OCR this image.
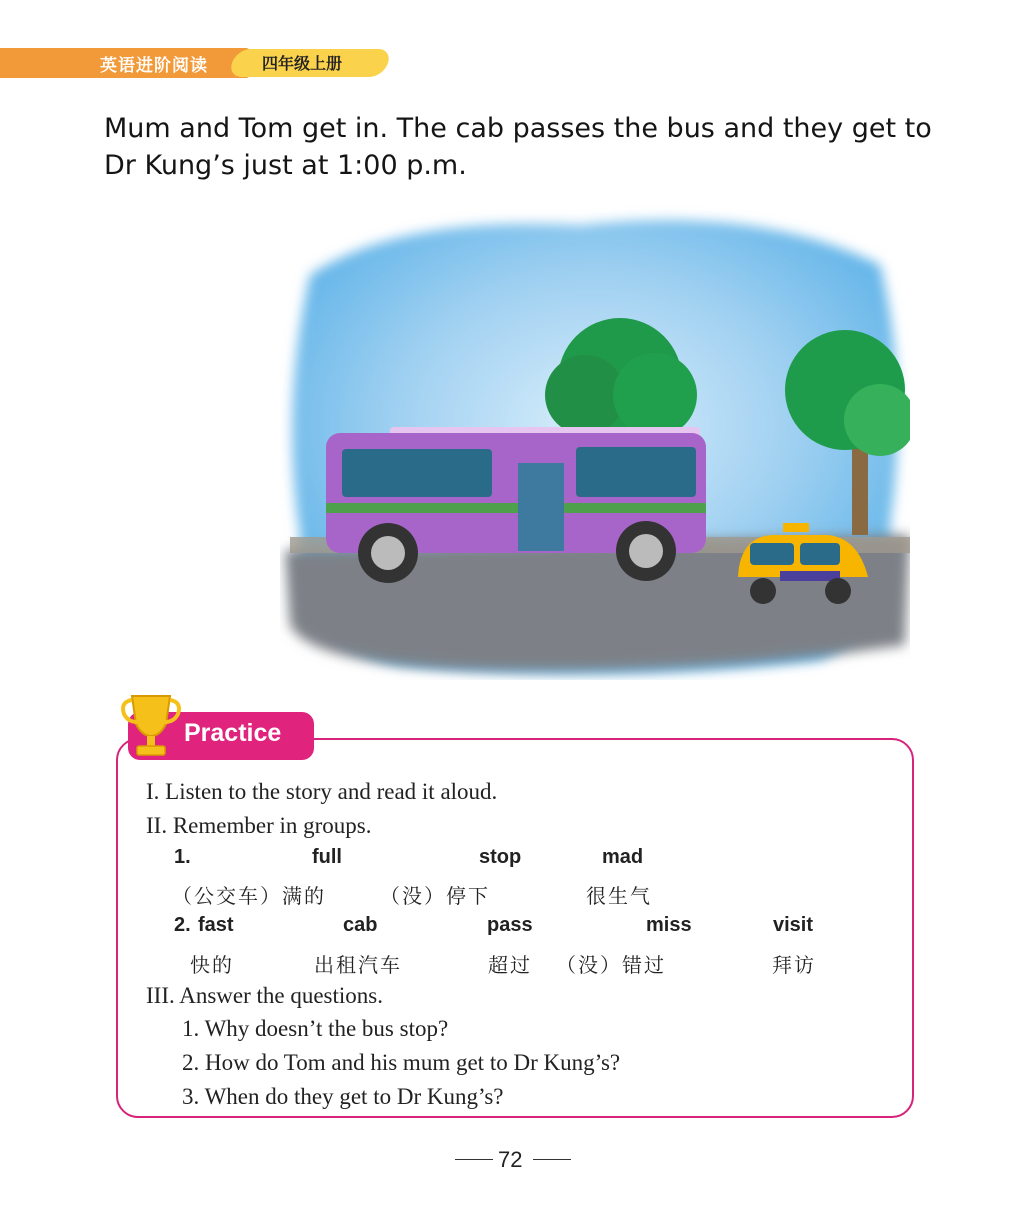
英语进阶阅读	四年级上册

Mum and Tom get in. The cab passes the bus and they get to Dr Kung’s just at 1:00 p.m.

Practice
I. Listen to the story and read it aloud.
II. Remember in groups.
1.	full	stop	mad
（公交车）满的	（没）停下	很生气
2. fast	cab	pass	miss	visit
快的	出租汽车	超过 （没）错过	拜访
III. Answer the questions.
1. Why doesn’t the bus stop?
2. How do Tom and his mum get to Dr Kung’s?
3. When do they get to Dr Kung’s?
72
